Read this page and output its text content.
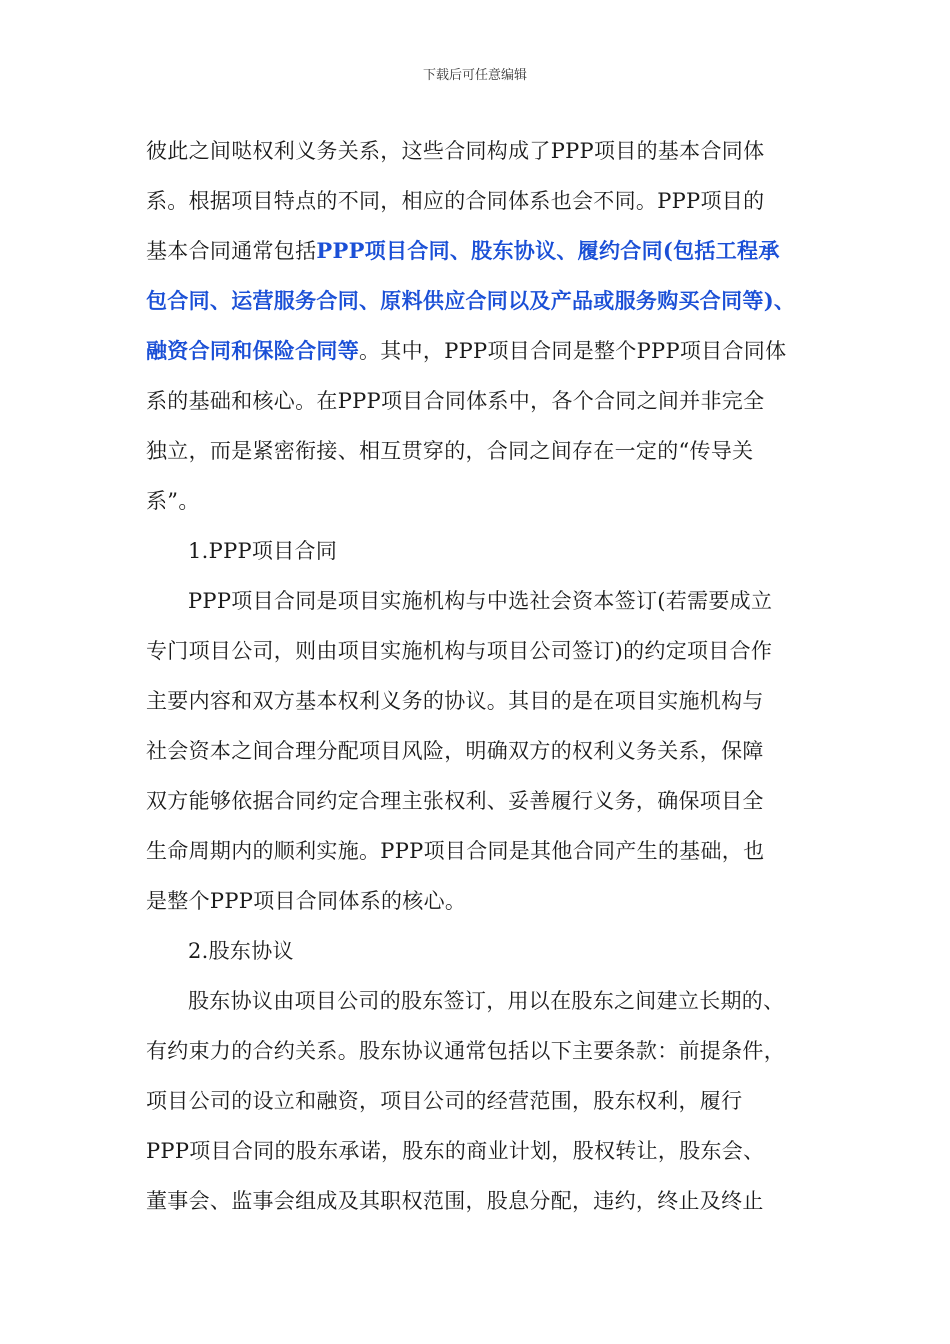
下载后可任意编辑
彼此之间哒权利义务关系，这些合同构成了PPP项目的基本合同体
系。根据项目特点的不同，相应的合同体系也会不同。PPP项目的
基本合同通常包括PPP项目合同、股东协议、履约合同(包括工程承
包合同、运营服务合同、原料供应合同以及产品或服务购买合同等)、
融资合同和保险合同等。其中，PPP项目合同是整个PPP项目合同体
系的基础和核心。在PPP项目合同体系中，各个合同之间并非完全
独立，而是紧密衔接、相互贯穿的，合同之间存在一定的“传导关
系”。
1.PPP项目合同
PPP项目合同是项目实施机构与中选社会资本签订(若需要成立
专门项目公司，则由项目实施机构与项目公司签订)的约定项目合作
主要内容和双方基本权利义务的协议。其目的是在项目实施机构与
社会资本之间合理分配项目风险，明确双方的权利义务关系，保障
双方能够依据合同约定合理主张权利、妥善履行义务，确保项目全
生命周期内的顺利实施。PPP项目合同是其他合同产生的基础，也
是整个PPP项目合同体系的核心。
2.股东协议
股东协议由项目公司的股东签订，用以在股东之间建立长期的、
有约束力的合约关系。股东协议通常包括以下主要条款：前提条件，
项目公司的设立和融资，项目公司的经营范围，股东权利，履行
PPP项目合同的股东承诺，股东的商业计划，股权转让，股东会、
董事会、监事会组成及其职权范围，股息分配，违约，终止及终止
